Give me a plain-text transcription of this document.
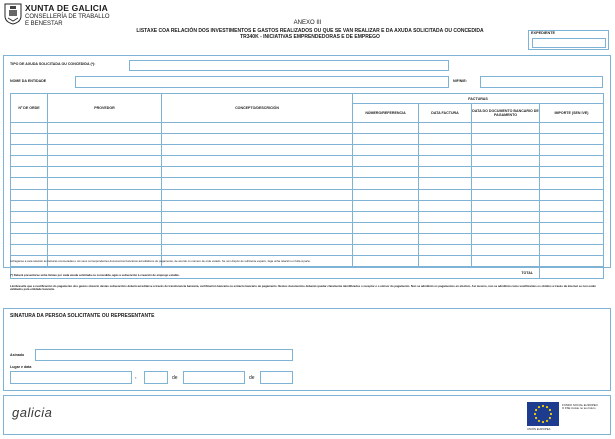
XUNTA DE GALICIA
CONSELLERÍA DE TRABALLO
E BENESTAR	ANEXO III
LISTAXE COA RELACIÓN DOS INVESTIMENTOS E GASTOS REALIZADOS OU QUE SE VAN REALIZAR E DA AXUDA SOLICITADA OU CONCEDIDA
TR340K - INICIATIVAS EMPRENDEDORAS E DE EMPREGO
EXPEDIENTE
TIPO DE AXUDA SOLICITADA OU CONCEDIDA (*):
NOME DA ENTIDADE	NIF/NIE:
Nº DE ORDE	PROVEDOR	CONCEPTO/DESCRICIÓN	FACTURAS			
			NÚMERO/REFERENCIA	DATA FACTURA	DATA DO DOCUMENTO BANCARIO DE PAGAMENTO	IMPORTE (SEN IVE)

TOTAL						
Achéganse a esta relación as facturas enumeradas e o/s seus correspondentes documentos bancarios acreditativos do pagamento, de acordo co número de orde estado. Se non dispón de suficiente espazo, faga unha relación en folla á parte.
(*) Deberá presentarse unha listaxe por cada axuda solicitada ou concedida, agás a subvención á creación de emprego estable.
Lémbraselle que a xustificación do pagamento dos gastos obxecto destas subvencións deberá acreditarse a través de transferencia bancaria, certificación bancaria ou extracto bancario de pagamento. Nestes documentos deberán quedar claramente identificados o receptor e o emisor do pagamento. Non se admitirán os pagamentos en efectivo. Así mesmo, non se admitirán como xustificantes os obtidos a través da internet se non están validados pola entidade bancaria.
SINATURA DA PERSOA SOLICITANTE OU REPRESENTANTE
Asinado
Lugar e data
,	de	de
galicia	FONDO SOCIAL EUROPEO
O FSE inviste no teu futuro
UNIÓN EUROPEA
